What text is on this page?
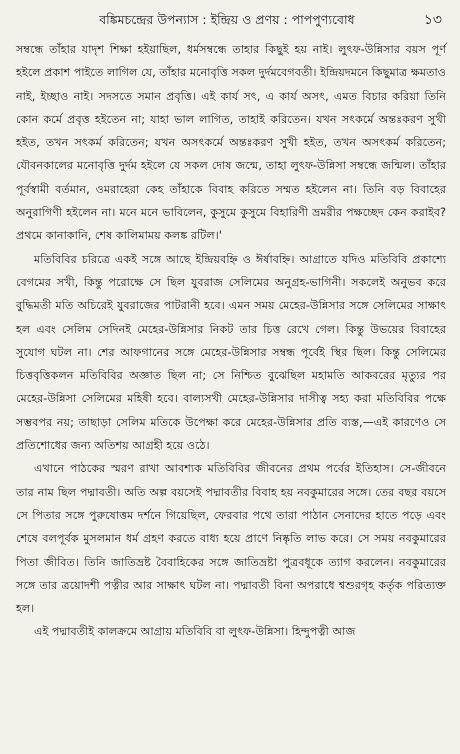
বঙ্কিমচন্দ্রের উপন্যাস : ইন্দ্রিয় ও প্রণয় : পাপপুণ্যবোধ	১৩

সম্বন্ধে তাঁহার যাদৃশ শিক্ষা হইয়াছিল, ধর্মসম্বন্ধে তাহার কিছুই হয় নাই। লুৎফ-উন্নিসার বয়স পূর্ণ হইলে প্রকাশ পাইতে লাগিল যে, তাঁহার মনোবৃত্তি সকল দুর্দমবেগবতী। ইন্দ্রিয়দমনে কিছুমাত্র ক্ষমতাও নাই, ইচ্ছাও নাই। সদসতে সমান প্রবৃত্তি। এই কার্য সৎ, এ কার্য অসৎ, এমত বিচার করিয়া তিনি কোন কর্মে প্রবৃত্ত হইতেন না; যাহা ভাল লাগিত, তাহাই করিতেন। যখন সৎকর্মে অন্তঃকরণ সুখী হইত, তখন সৎকর্ম করিতেন; যখন অসৎকর্মে অন্তঃকরণ সুখী হইত, তখন অসৎকর্ম করিতেন; যৌবনকালের মনোবৃত্তি দুর্দম হইলে যে সকল দোষ জন্মে, তাহা লুৎফ-উন্নিসা সম্বন্ধে জন্মিল। তাঁহার পূর্বস্বামী বর্তমান, ওমরাহেরা কেহ তাঁহাকে বিবাহ করিতে সম্মত হইলেন না। তিনি বড় বিবাহের অনুরাগিণী হইলেন না। মনে মনে ভাবিলেন, কুসুমে কুসুমে বিহারিণী ভ্রমরীর পক্ষচ্ছেদ কেন করাইব? প্রথমে কানাকানি, শেষ কালিমাময় কলঙ্ক রটিল।'

মতিবিবির চরিত্রে একই সঙ্গে আছে ইন্দ্রিয়বহ্নি ও ঈর্ষাবহ্নি। আগ্রাতে যদিও মতিবিবি প্রকাশ্যে বেগমের সখী, কিন্তু পরোক্ষে সে ছিল যুবরাজ সেলিমের অনুগ্রহ-ভাগিনী। সকলেই অনুভব করে বুদ্ধিমতী মতি অচিরেই যুবরাজের পাটরানী হবে। এমন সময় মেহের-উন্নিসার সঙ্গে সেলিমের সাক্ষাৎ হল এবং সেলিম সেদিনই মেহের-উন্নিসার নিকট তার চিত্ত রেখে গেল। কিন্তু উভয়ের বিবাহের সুযোগ ঘটল না। শের আফগানের সঙ্গে মেহের-উন্নিসার সম্বন্ধ পূর্বেই স্থির ছিল। কিন্তু সেলিমের চিত্তবৃত্তিকলন মতিবিবির অজ্ঞাত ছিল না; সে নিশ্চিত বুঝেছিল মহামতি আকবরের মৃত্যুর পর মেহের-উন্নিসা সেলিমের মহিষী হবে। বাল্যসখী মেহের-উন্নিসার দাসীত্ব সহ্য করা মতিবিবির পক্ষে সম্ভবপর নয়; তাছাড়া সেলিম মতিকে উপেক্ষা করে মেহের-উন্নিসার প্রতি ব্যস্ত,—এই কারণেও সে প্রতিশোধের জন্য অতিশয় আগ্রহী হয়ে ওঠে।

এখানে পাঠকের স্মরণ রাখা আবশ্যক মতিবিবির জীবনের প্রথম পর্বের ইতিহাস। সে-জীবনে তার নাম ছিল পদ্মাবতী। অতি অল্প বয়সেই পদ্মাবতীর বিবাহ হয় নবকুমারের সঙ্গে। তের বছর বয়সে সে পিতার সঙ্গে পুরুষোত্তম দর্শনে গিয়েছিল, ফেরবার পথে তারা পাঠান সেনাদের হাতে পড়ে এবং শেষে বলপূর্বক মুসলমান ধর্ম গ্রহণ করতে বাধ্য হয়ে প্রাণে নিষ্কৃতি লাভ করে। সে সময় নবকুমারের পিতা জীবিত। তিনি জাতিভ্রষ্ট বৈবাহিকের সঙ্গে জাতিভ্রষ্টা পুত্রবধূকে ত্যাগ করলেন। নবকুমারের সঙ্গে তার ত্রয়োদশী পত্নীর আর সাক্ষাৎ ঘটল না। পদ্মাবতী বিনা অপরাধে শ্বশুরগৃহ কর্তৃক পরিত্যক্ত হল।

এই পদ্মাবতীই কালক্রমে আগ্রায় মতিবিবি বা লুৎফ-উন্নিসা। হিন্দুপত্নী আজ
